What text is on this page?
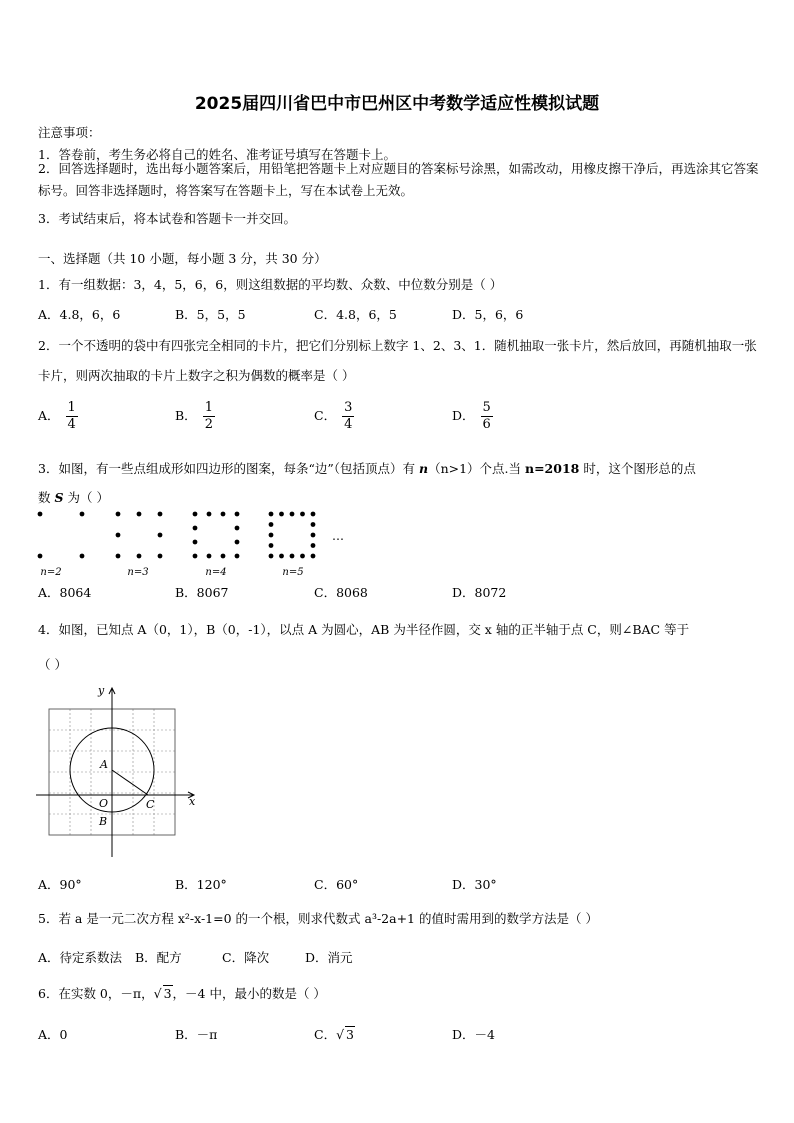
2025届四川省巴中市巴州区中考数学适应性模拟试题
注意事项：
1．答卷前，考生务必将自己的姓名、准考证号填写在答题卡上。
2．回答选择题时，选出每小题答案后，用铅笔把答题卡上对应题目的答案标号涂黑，如需改动，用橡皮擦干净后，再选涂其它答案标号。回答非选择题时，将答案写在答题卡上，写在本试卷上无效。
3．考试结束后，将本试卷和答题卡一并交回。
一、选择题（共 10 小题，每小题 3 分，共 30 分）
1．有一组数据：3，4，5，6，6，则这组数据的平均数、众数、中位数分别是（ ）
A．4.8，6，6	B．5，5，5	C．4.8，6，5	D．5，6，6
2．一个不透明的袋中有四张完全相同的卡片，把它们分别标上数字 1、2、3、1．随机抽取一张卡片，然后放回，再随机抽取一张卡片，则两次抽取的卡片上数字之积为偶数的概率是（ ）
A． $\frac{1}{4}$	B． $\frac{1}{2}$	C． $\frac{3}{4}$	D． $\frac{5}{6}$
3．如图，有一些点组成形如四边形的图案，每条“边”（包括顶点）有 n（n>1）个点.当 n=2018 时，这个图形总的点
数 S 为（ ）
n=2	n=3	n=4	n=5
…
A．8064	B．8067	C．8068	D．8072
4．如图，已知点 A（0，1），B（0，-1），以点 A 为圆心，AB 为半径作圆，交 x 轴的正半轴于点 C，则∠BAC 等于
（ ）
A
O
B
C
y
x
A．90°	B．120°	C．60°	D．30°
5．若 a 是一元二次方程 x²-x-1=0 的一个根，则求代数式 a³-2a+1 的值时需用到的数学方法是（ ）
A．待定系数法 B．配方	C．降次	D．消元
6．在实数 0，－π，√ 3，－4 中，最小的数是（ ）
A．0	B．－π	C．√ 3	D．－4
